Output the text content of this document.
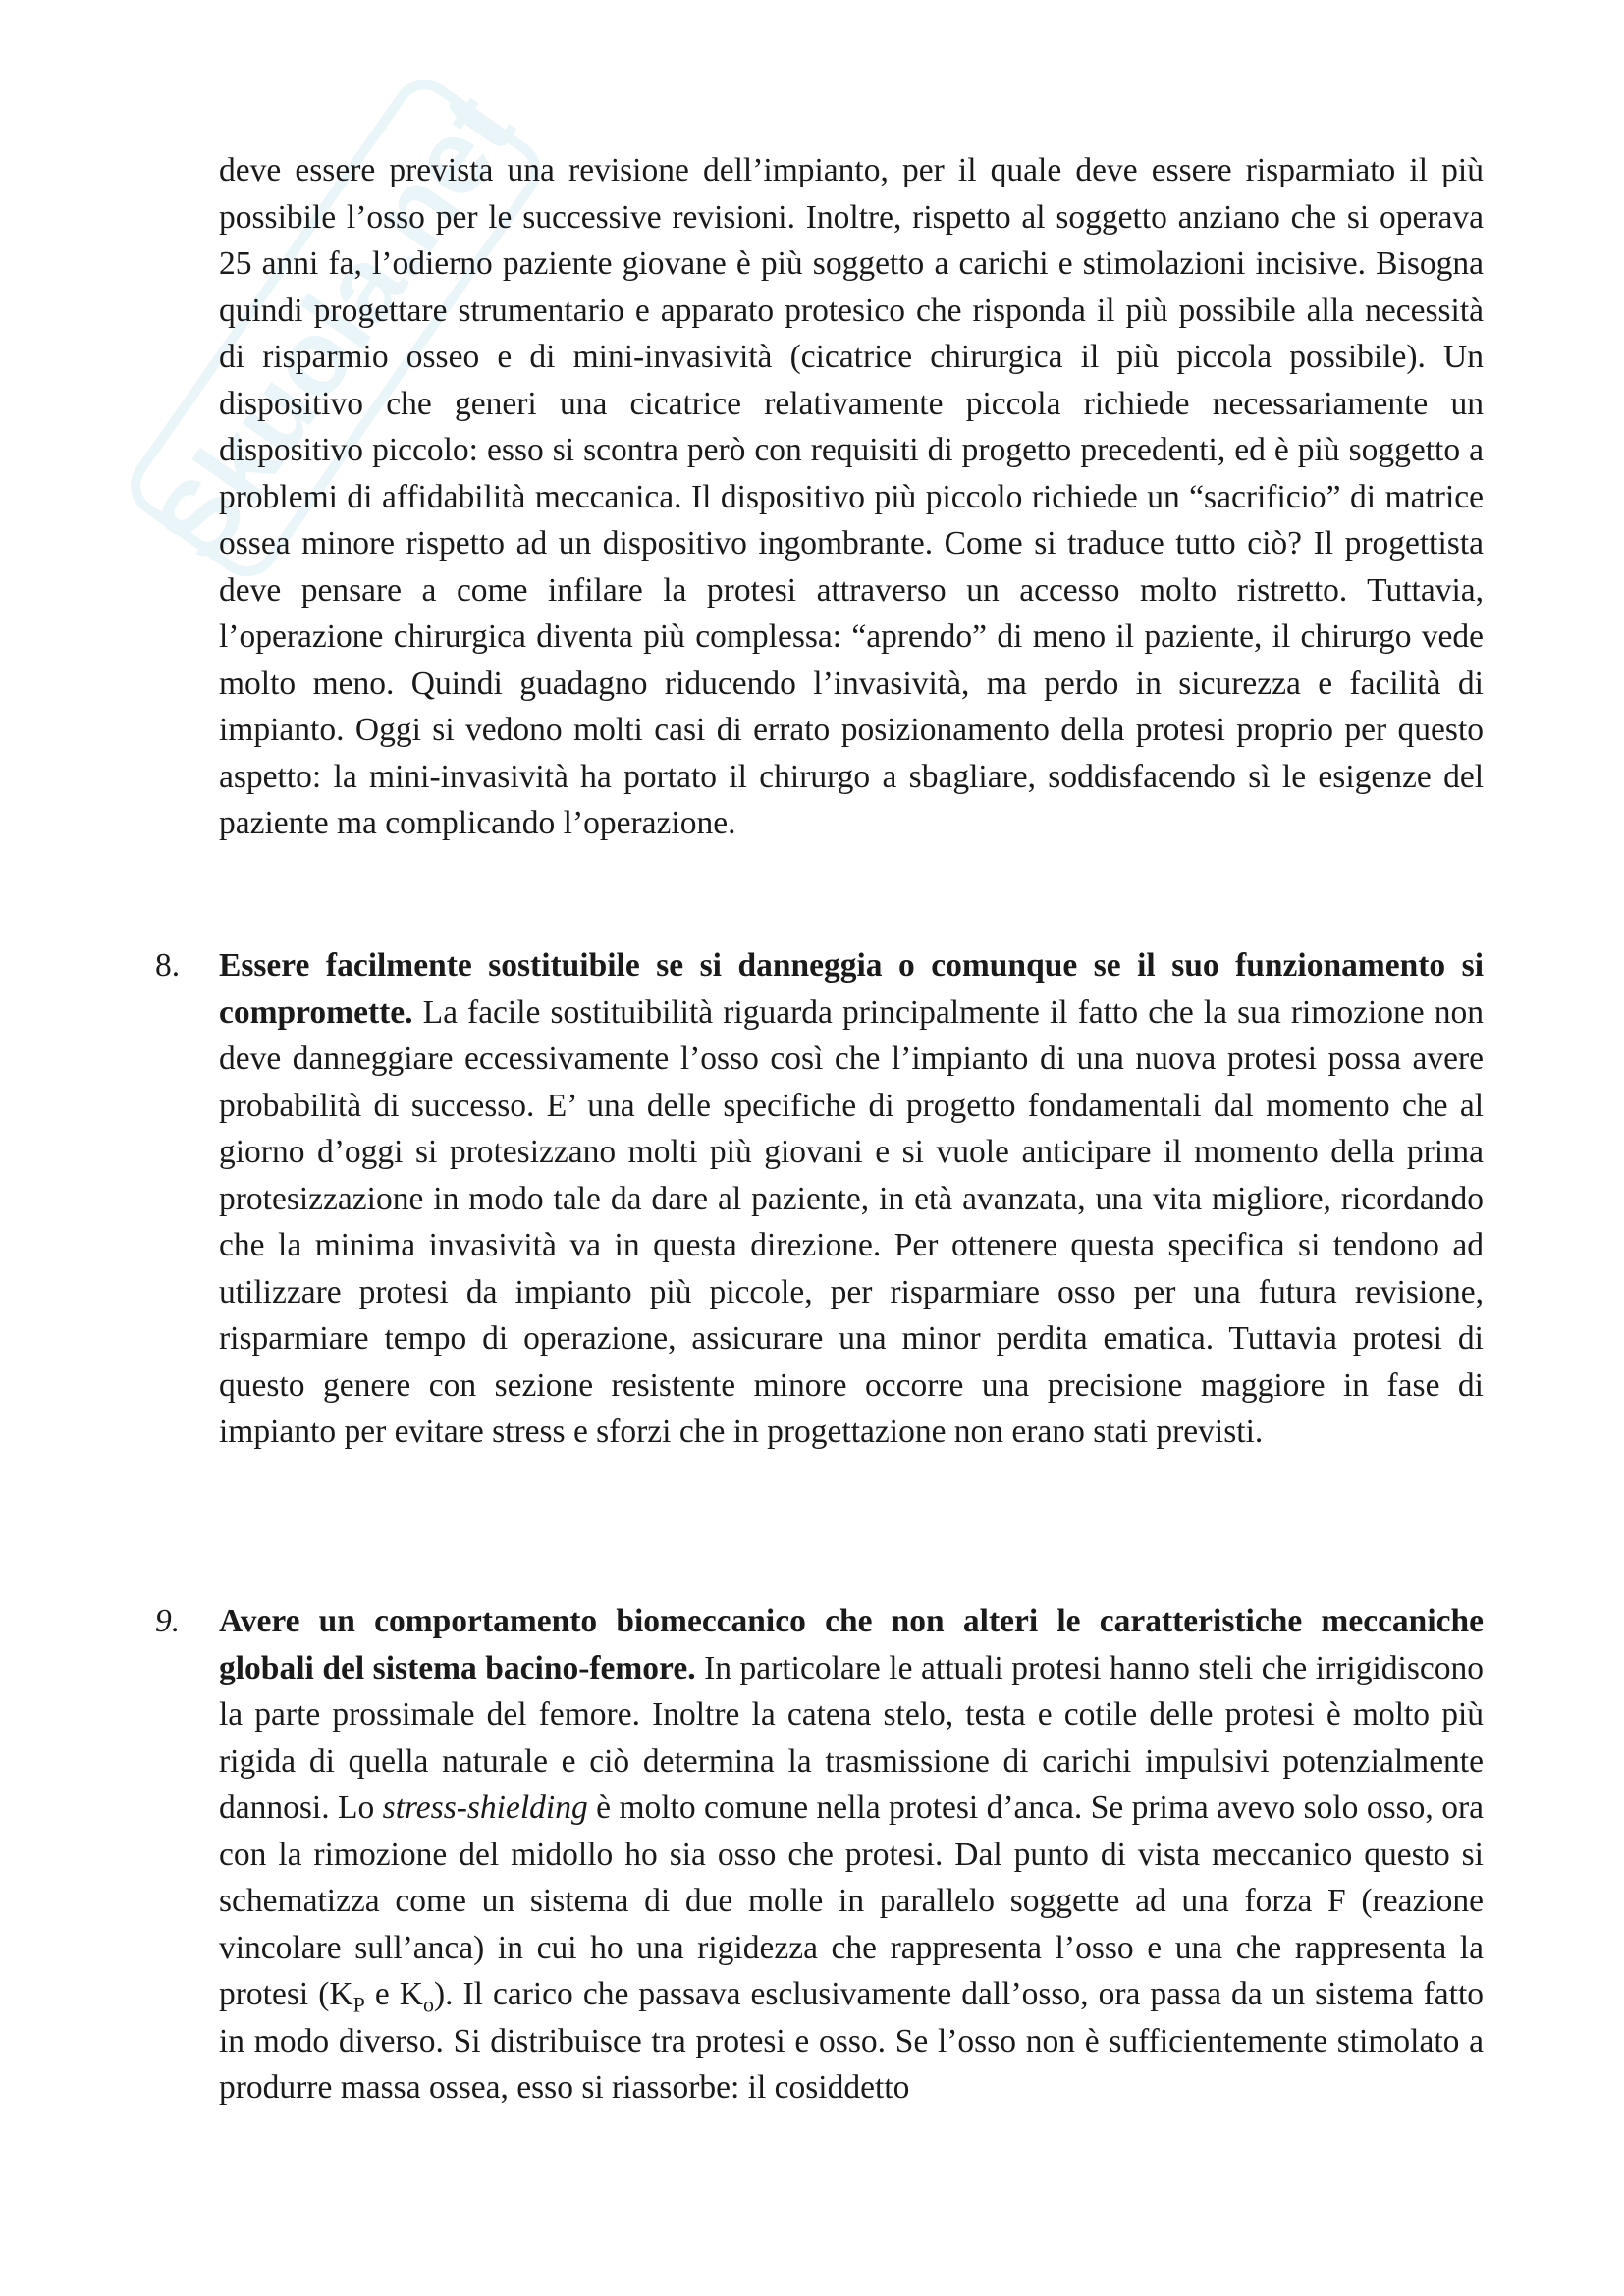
Skuola.net
deve essere prevista una revisione dell’impianto, per il quale deve essere risparmiato il più possibile l’osso per le successive revisioni. Inoltre, rispetto al soggetto anziano che si operava 25 anni fa, l’odierno paziente giovane è più soggetto a carichi e stimolazioni incisive. Bisogna quindi progettare strumentario e apparato protesico che risponda il più possibile alla necessità di risparmio osseo e di mini-invasività (cicatrice chirurgica il più piccola possibile). Un dispositivo che generi una cicatrice relativamente piccola richiede necessariamente un dispositivo piccolo: esso si scontra però con requisiti di progetto precedenti, ed è più soggetto a problemi di affidabilità meccanica. Il dispositivo più piccolo richiede un “sacrificio” di matrice ossea minore rispetto ad un dispositivo ingombrante. Come si traduce tutto ciò? Il progettista deve pensare a come infilare la protesi attraverso un accesso molto ristretto. Tuttavia, l’operazione chirurgica diventa più complessa: “aprendo” di meno il paziente, il chirurgo vede molto meno. Quindi guadagno riducendo l’invasività, ma perdo in sicurezza e facilità di impianto. Oggi si vedono molti casi di errato posizionamento della protesi proprio per questo aspetto: la mini-invasività ha portato il chirurgo a sbagliare, soddisfacendo sì le esigenze del paziente ma complicando l’operazione.
8.	Essere facilmente sostituibile se si danneggia o comunque se il suo funzionamento si compromette. La facile sostituibilità riguarda principalmente il fatto che la sua rimozione non deve danneggiare eccessivamente l’osso così che l’impianto di una nuova protesi possa avere probabilità di successo. E’ una delle specifiche di progetto fondamentali dal momento che al giorno d’oggi si protesizzano molti più giovani e si vuole anticipare il momento della prima protesizzazione in modo tale da dare al paziente, in età avanzata, una vita migliore, ricordando che la minima invasività va in questa direzione. Per ottenere questa specifica si tendono ad utilizzare protesi da impianto più piccole, per risparmiare osso per una futura revisione, risparmiare tempo di operazione, assicurare una minor perdita ematica. Tuttavia protesi di questo genere con sezione resistente minore occorre una precisione maggiore in fase di impianto per evitare stress e sforzi che in progettazione non erano stati previsti.
9.	Avere un comportamento biomeccanico che non alteri le caratteristiche meccaniche globali del sistema bacino-femore. In particolare le attuali protesi hanno steli che irrigidiscono la parte prossimale del femore. Inoltre la catena stelo, testa e cotile delle protesi è molto più rigida di quella naturale e ciò determina la trasmissione di carichi impulsivi potenzialmente dannosi. Lo stress-shielding è molto comune nella protesi d’anca. Se prima avevo solo osso, ora con la rimozione del midollo ho sia osso che protesi. Dal punto di vista meccanico questo si schematizza come un sistema di due molle in parallelo soggette ad una forza F (reazione vincolare sull’anca) in cui ho una rigidezza che rappresenta l’osso e una che rappresenta la protesi ($K_P$ e $K_o$). Il carico che passava esclusivamente dall’osso, ora passa da un sistema fatto in modo diverso. Si distribuisce tra protesi e osso. Se l’osso non è sufficientemente stimolato a produrre massa ossea, esso si riassorbe: il cosiddetto
